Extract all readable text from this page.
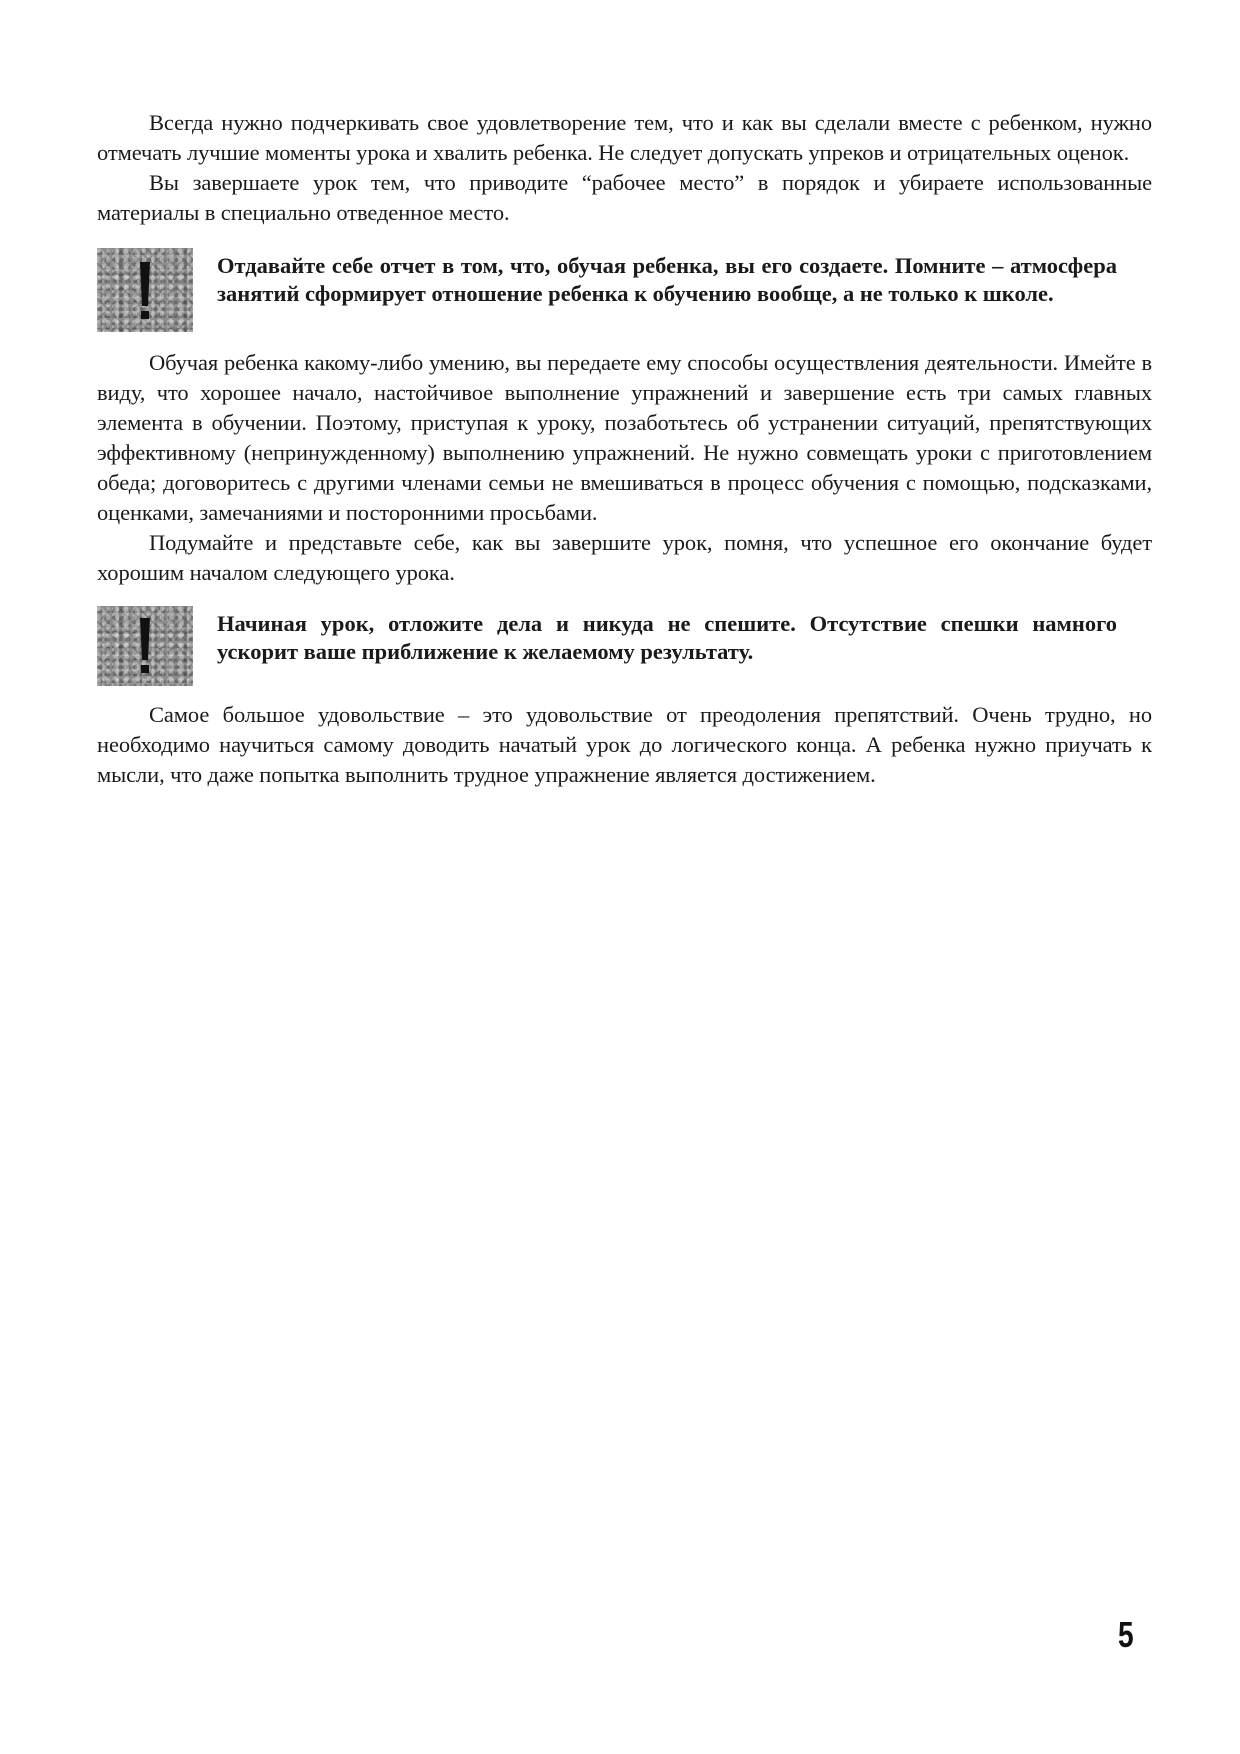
Всегда нужно подчеркивать свое удовлетворение тем, что и как вы сделали вместе с ребенком, нужно отмечать лучшие моменты урока и хвалить ребенка. Не следует допускать упреков и отрицательных оценок.

Вы завершаете урок тем, что приводите “рабочее место” в порядок и убираете использованные материалы в специально отведенное место.

Отдавайте себе отчет в том, что, обучая ребенка, вы его создаете. Помните – атмосфера занятий сформирует отношение ребенка к обучению вообще, а не только к школе.

Обучая ребенка какому-либо умению, вы передаете ему способы осуществления деятельности. Имейте в виду, что хорошее начало, настойчивое выполнение упражнений и завершение есть три самых главных элемента в обучении. Поэтому, приступая к уроку, позаботьтесь об устранении ситуаций, препятствующих эффективному (непринужденному) выполнению упражнений. Не нужно совмещать уроки с приготовлением обеда; договоритесь с другими членами семьи не вмешиваться в процесс обучения с помощью, подсказками, оценками, замечаниями и посторонними просьбами.

Подумайте и представьте себе, как вы завершите урок, помня, что успешное его окончание будет хорошим началом следующего урока.

Начиная урок, отложите дела и никуда не спешите. Отсутствие спешки намного ускорит ваше приближение к желаемому результату.

Самое большое удовольствие – это удовольствие от преодоления препятствий. Очень трудно, но необходимо научиться самому доводить начатый урок до логического конца. А ребенка нужно приучать к мысли, что даже попытка выполнить трудное упражнение является достижением.

5
